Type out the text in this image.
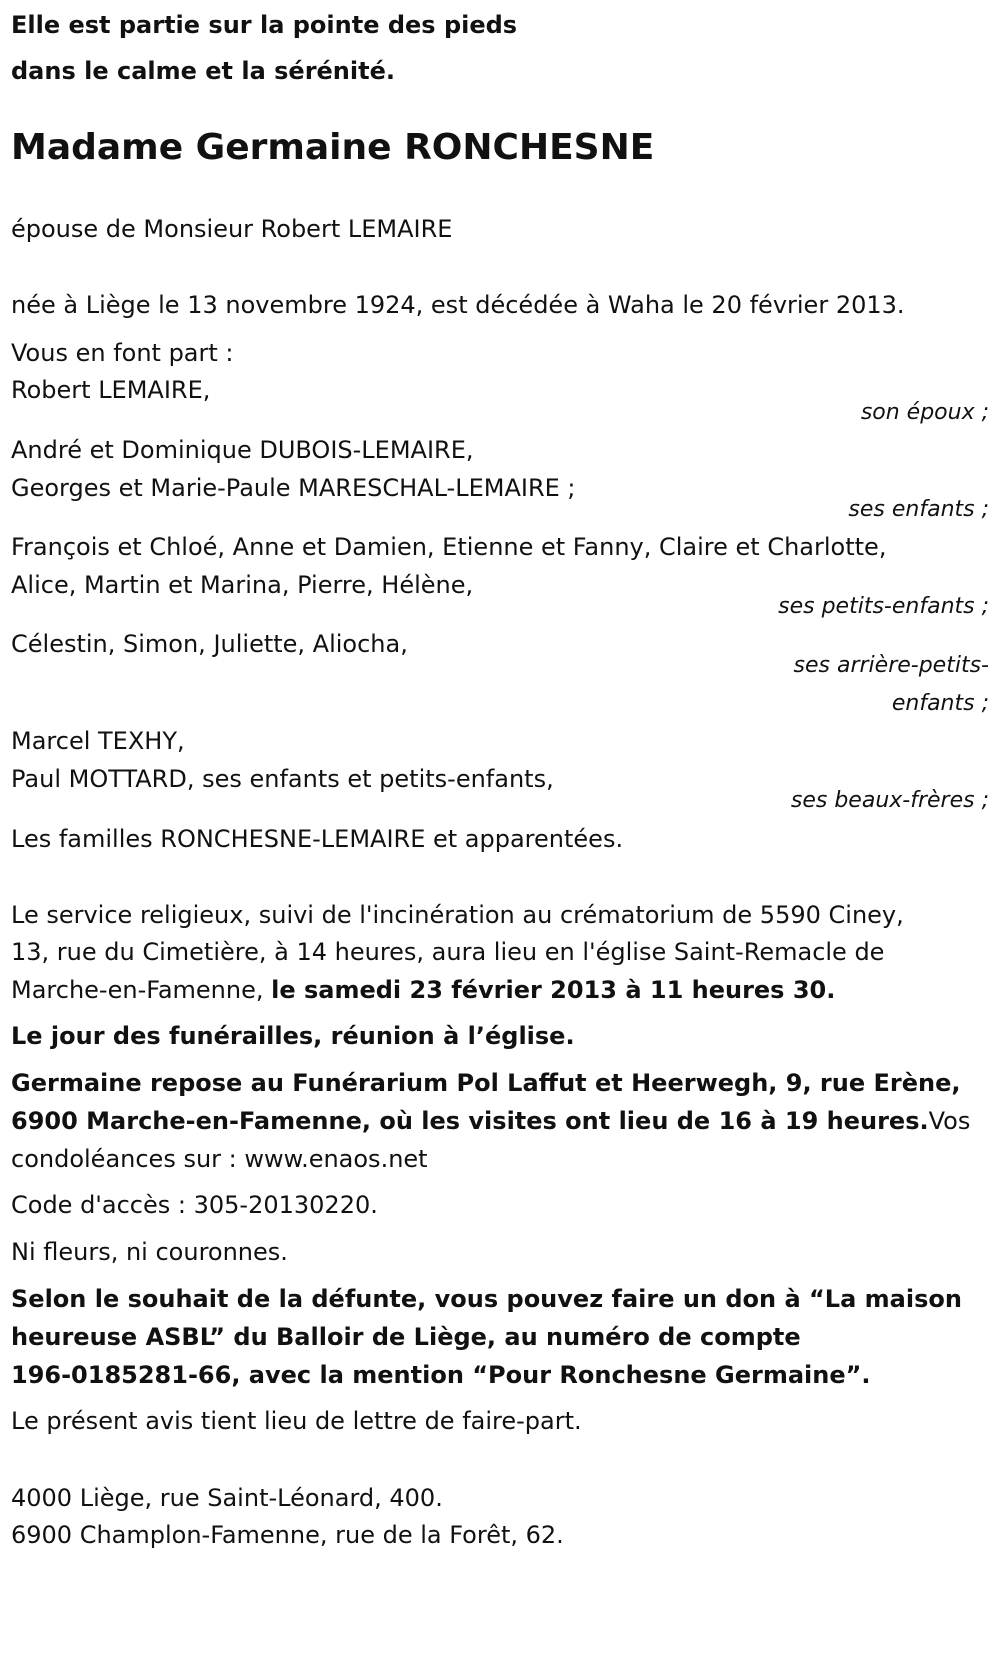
Elle est partie sur la pointe des pieds
dans le calme et la sérénité.
Madame Germaine RONCHESNE
épouse de Monsieur Robert LEMAIRE
née à Liège le 13 novembre 1924, est décédée à Waha le 20 février 2013.
Vous en font part :
Robert LEMAIRE,
son époux ;
André et Dominique DUBOIS-LEMAIRE,
Georges et Marie-Paule MARESCHAL-LEMAIRE ;
ses enfants ;
François et Chloé, Anne et Damien, Etienne et Fanny, Claire et Charlotte,
Alice, Martin et Marina, Pierre, Hélène,
ses petits-enfants ;
Célestin, Simon, Juliette, Aliocha,
ses arrière-petits-
enfants ;
Marcel TEXHY,
Paul MOTTARD, ses enfants et petits-enfants,
ses beaux-frères ;
Les familles RONCHESNE-LEMAIRE et apparentées.
Le service religieux, suivi de l'incinération au crématorium de 5590 Ciney,
13, rue du Cimetière, à 14 heures, aura lieu en l'église Saint-Remacle de
Marche-en-Famenne, le samedi 23 février 2013 à 11 heures 30.
Le jour des funérailles, réunion à l’église.
Germaine repose au Funérarium Pol Laffut et Heerwegh, 9, rue Erène,
6900 Marche-en-Famenne, où les visites ont lieu de 16 à 19 heures.Vos
condoléances sur : www.enaos.net
Code d'accès : 305-20130220.
Ni fleurs, ni couronnes.
Selon le souhait de la défunte, vous pouvez faire un don à “La maison
heureuse ASBL” du Balloir de Liège, au numéro de compte
196-0185281-66, avec la mention “Pour Ronchesne Germaine”.
Le présent avis tient lieu de lettre de faire-part.
4000 Liège, rue Saint-Léonard, 400.
6900 Champlon-Famenne, rue de la Forêt, 62.
